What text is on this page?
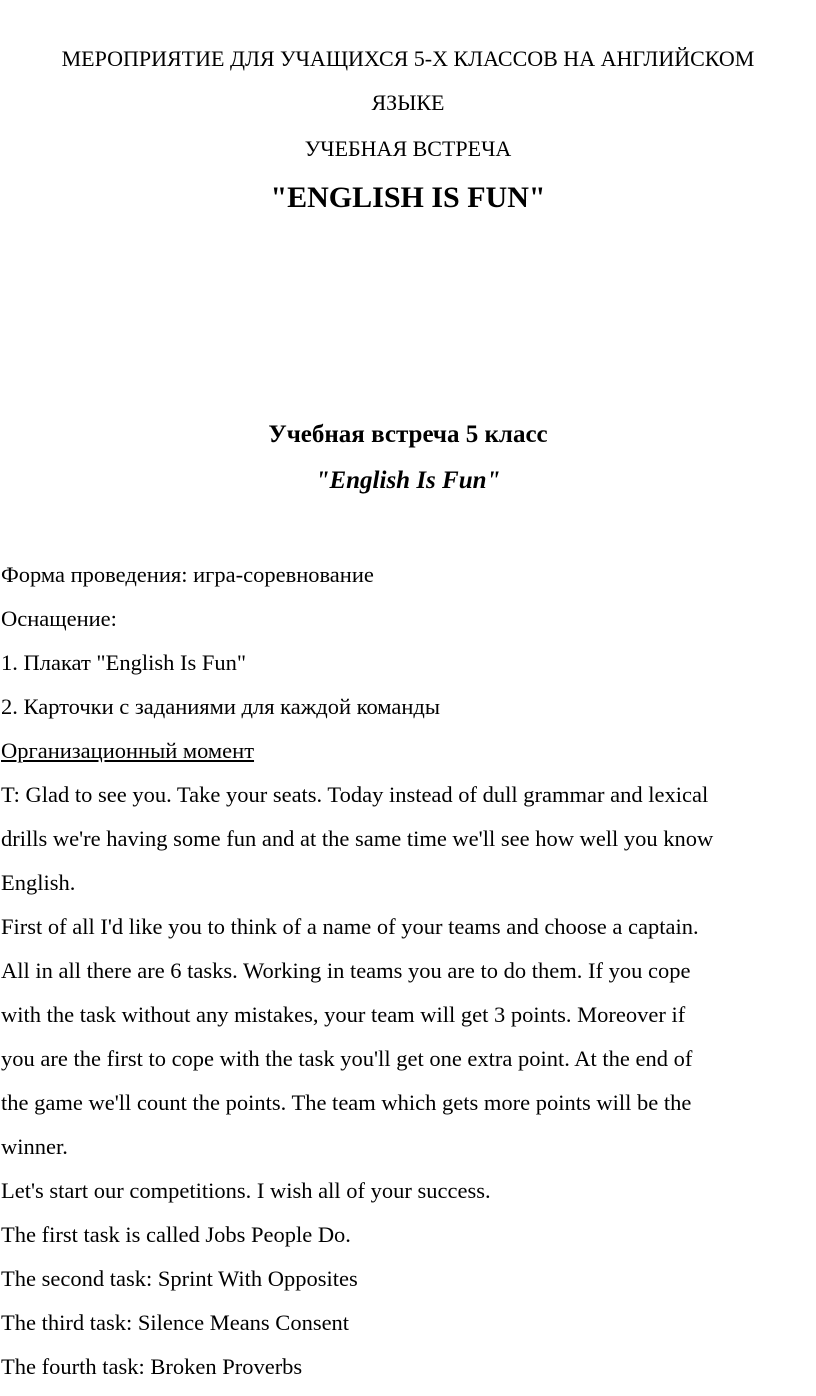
МЕРОПРИЯТИЕ ДЛЯ УЧАЩИХСЯ 5-Х КЛАССОВ НА АНГЛИЙСКОМ
ЯЗЫКЕ
УЧЕБНАЯ ВСТРЕЧА
"ENGLISH IS FUN"
Учебная встреча 5 класс
"English Is Fun"
Форма проведения: игра-соревнование
Оснащение:
1. Плакат "English Is Fun"
2. Карточки с заданиями для каждой команды
Организационный момент
T: Glad to see you. Take your seats. Today instead of dull grammar and lexical
drills we're having some fun and at the same time we'll see how well you know
English.
First of all I'd like you to think of a name of your teams and choose a captain.
All in all there are 6 tasks. Working in teams you are to do them. If you cope
with the task without any mistakes, your team will get 3 points. Moreover if
you are the first to cope with the task you'll get one extra point. At the end of
the game we'll count the points. The team which gets more points will be the
winner.
Let's start our competitions. I wish all of your success.
The first task is called Jobs People Do.
The second task: Sprint With Opposites
The third task: Silence Means Consent
The fourth task: Broken Proverbs
